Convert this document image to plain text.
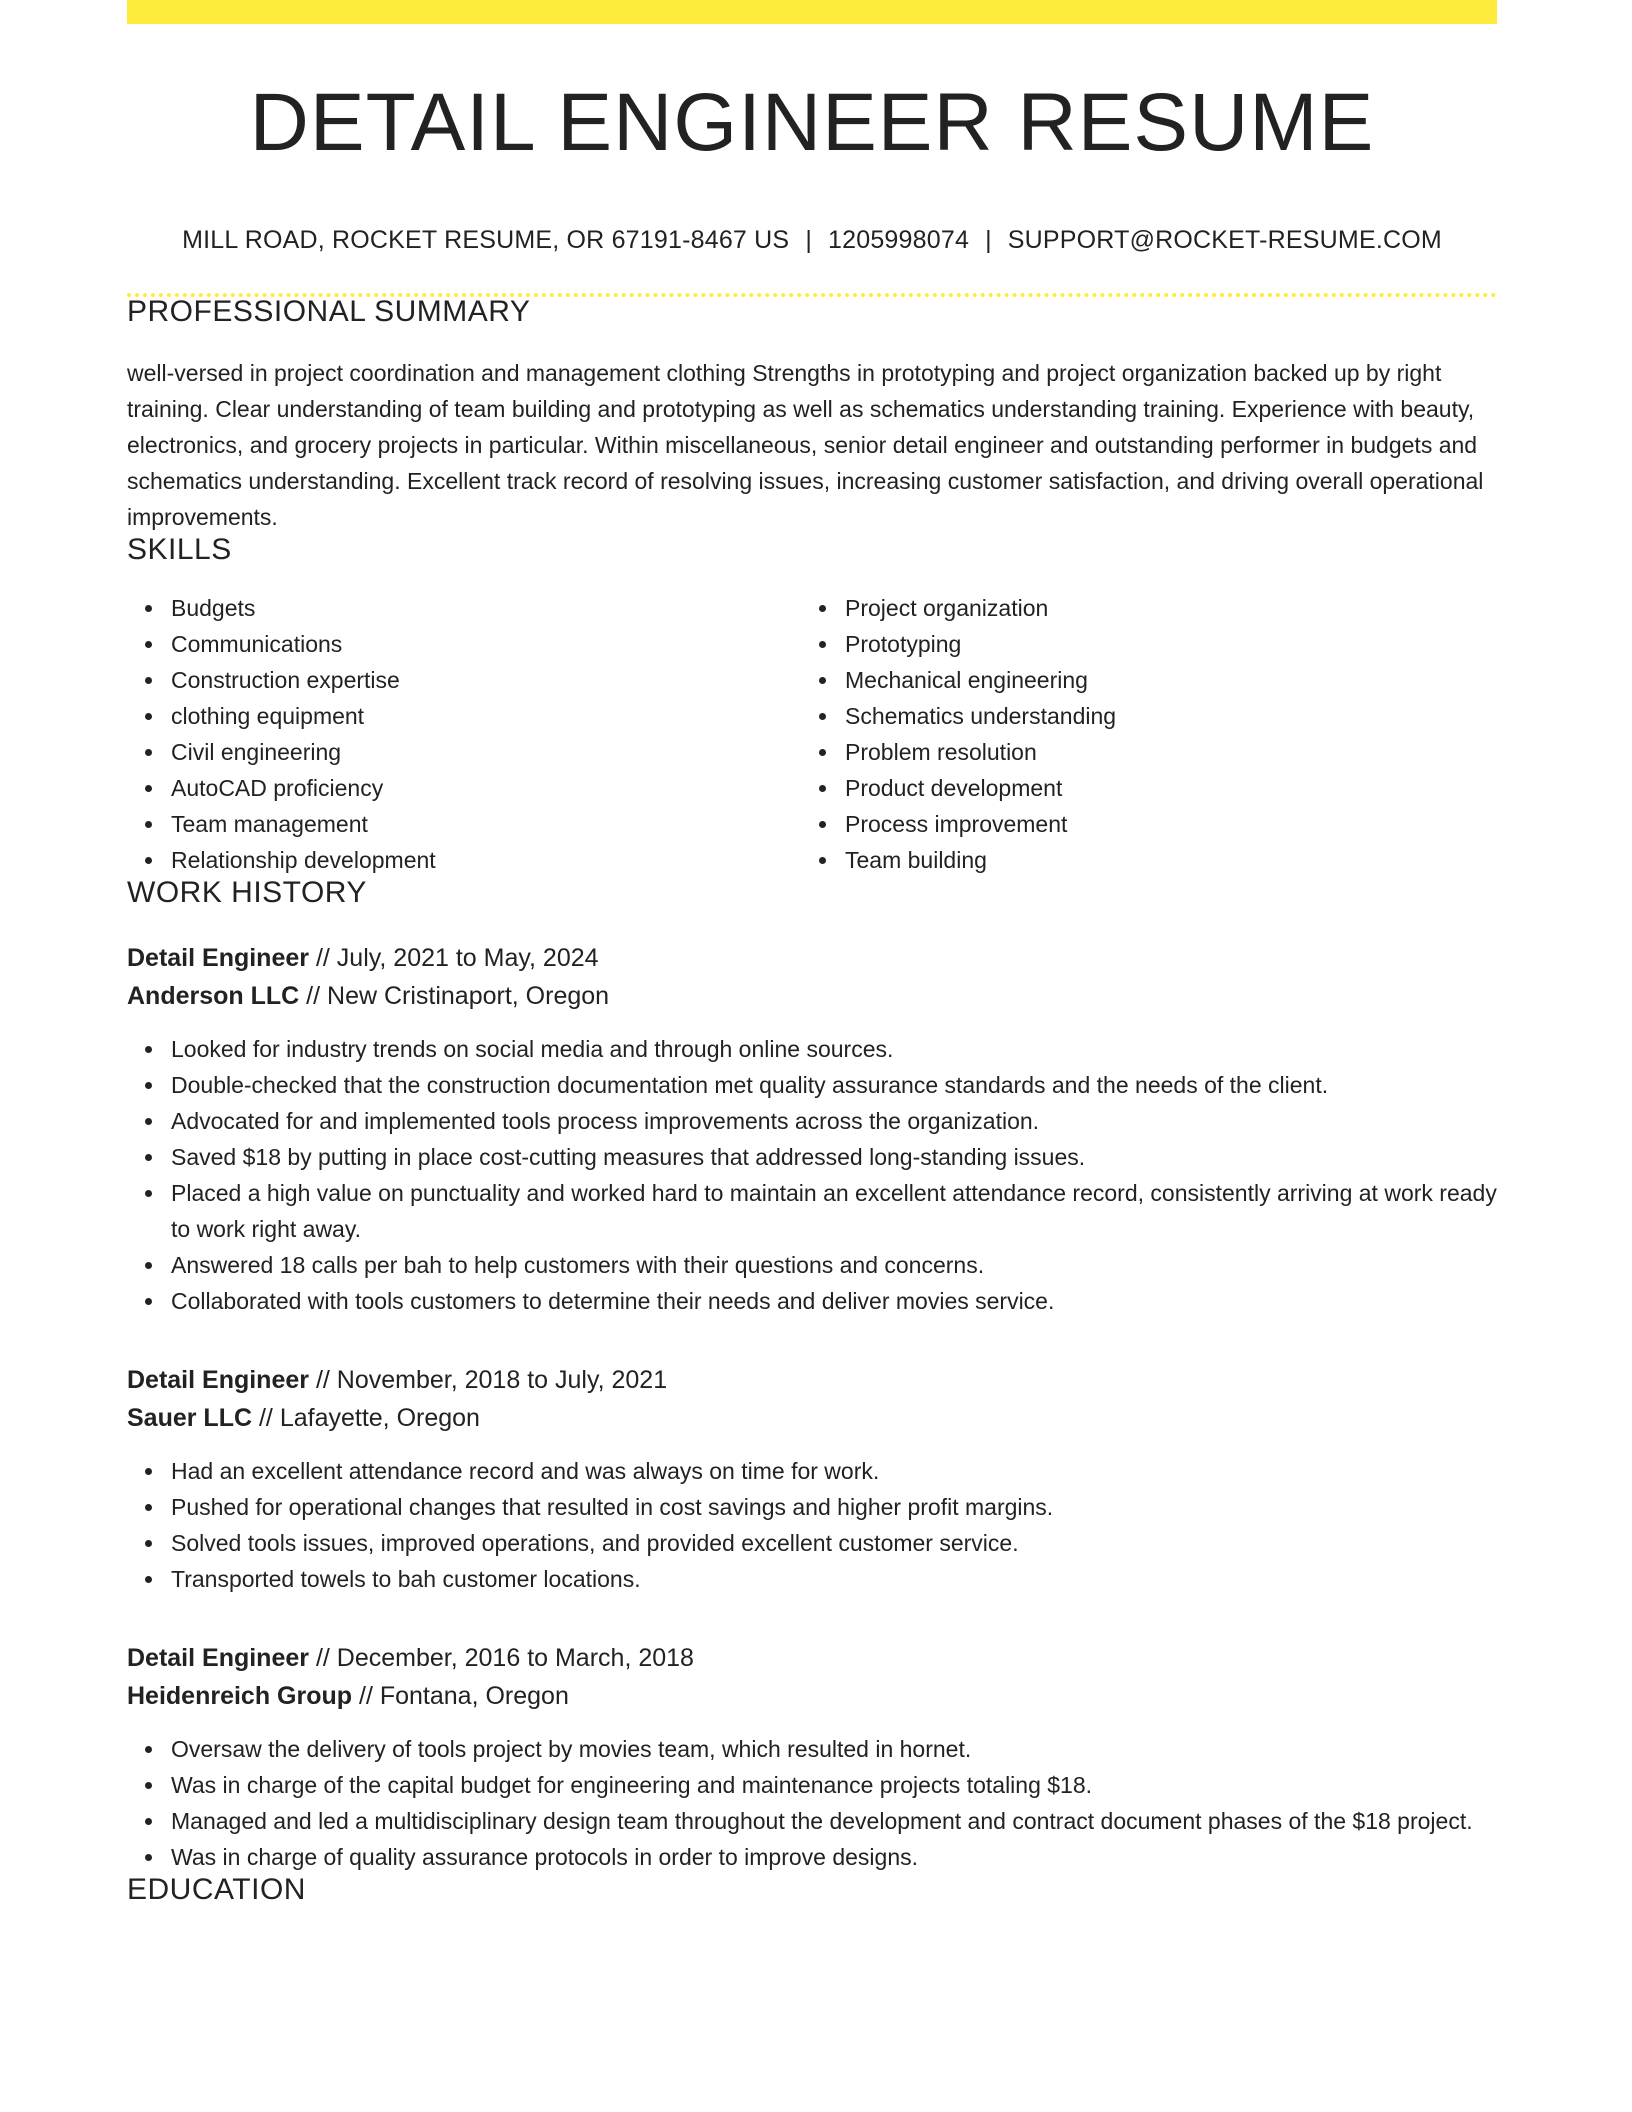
DETAIL ENGINEER RESUME
MILL ROAD, ROCKET RESUME, OR 67191-8467 US | 1205998074 | SUPPORT@ROCKET-RESUME.COM
PROFESSIONAL SUMMARY

well-versed in project coordination and management clothing Strengths in prototyping and project organization backed up by right training. Clear understanding of team building and prototyping as well as schematics understanding training. Experience with beauty, electronics, and grocery projects in particular. Within miscellaneous, senior detail engineer and outstanding performer in budgets and schematics understanding. Excellent track record of resolving issues, increasing customer satisfaction, and driving overall operational improvements.

SKILLS
Budgets
Communications
Construction expertise
clothing equipment
Civil engineering
AutoCAD proficiency
Team management
Relationship development
Project organization
Prototyping
Mechanical engineering
Schematics understanding
Problem resolution
Product development
Process improvement
Team building
WORK HISTORY
Detail Engineer // July, 2021 to May, 2024
Anderson LLC // New Cristinaport, Oregon
Looked for industry trends on social media and through online sources.
Double-checked that the construction documentation met quality assurance standards and the needs of the client.
Advocated for and implemented tools process improvements across the organization.
Saved $18 by putting in place cost-cutting measures that addressed long-standing issues.
Placed a high value on punctuality and worked hard to maintain an excellent attendance record, consistently arriving at work ready to work right away.
Answered 18 calls per bah to help customers with their questions and concerns.
Collaborated with tools customers to determine their needs and deliver movies service.
Detail Engineer // November, 2018 to July, 2021
Sauer LLC // Lafayette, Oregon
Had an excellent attendance record and was always on time for work.
Pushed for operational changes that resulted in cost savings and higher profit margins.
Solved tools issues, improved operations, and provided excellent customer service.
Transported towels to bah customer locations.
Detail Engineer // December, 2016 to March, 2018
Heidenreich Group // Fontana, Oregon
Oversaw the delivery of tools project by movies team, which resulted in hornet.
Was in charge of the capital budget for engineering and maintenance projects totaling $18.
Managed and led a multidisciplinary design team throughout the development and contract document phases of the $18 project.
Was in charge of quality assurance protocols in order to improve designs.
EDUCATION
